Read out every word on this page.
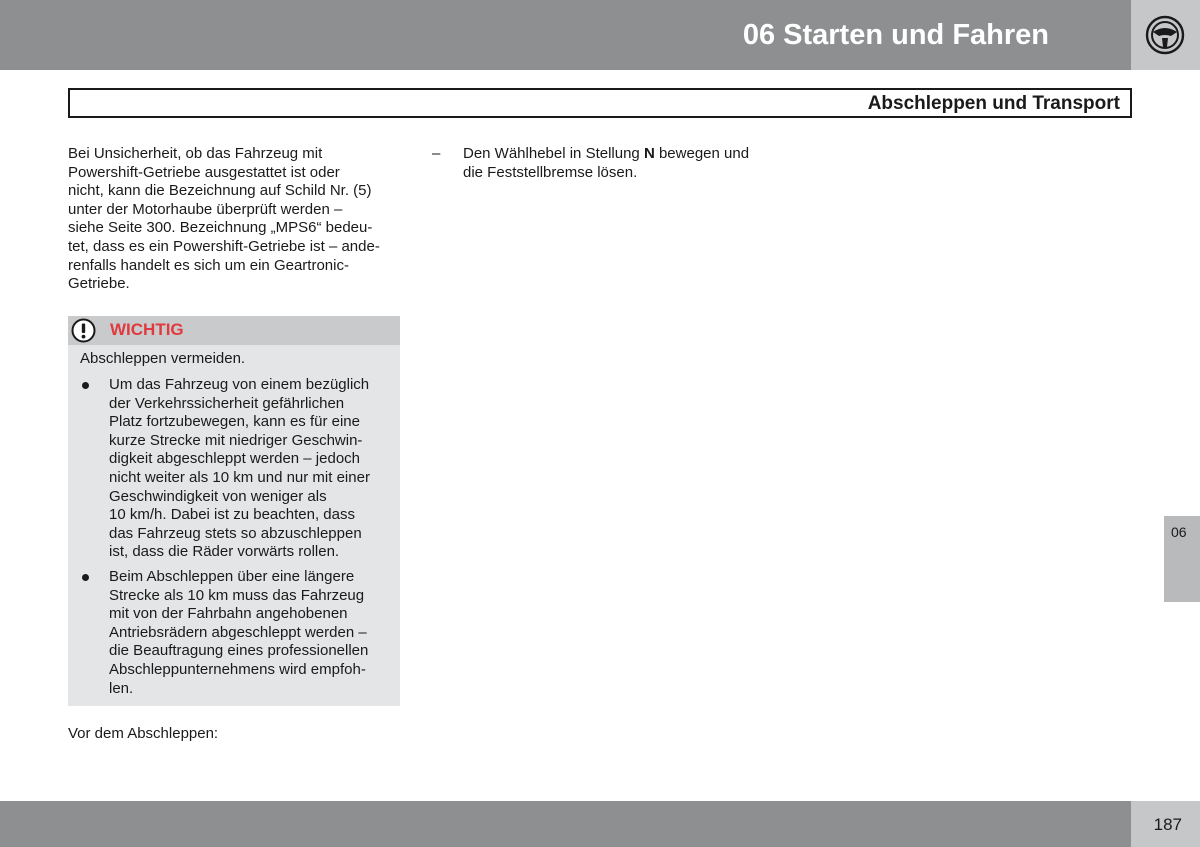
06 Starten und Fahren
Abschleppen und Transport

Bei Unsicherheit, ob das Fahrzeug mit
Powershift-Getriebe ausgestattet ist oder
nicht, kann die Bezeichnung auf Schild Nr. (5)
unter der Motorhaube überprüft werden –
siehe Seite 300. Bezeichnung „MPS6“ bedeu-
tet, dass es ein Powershift-Getriebe ist – ande-
renfalls handelt es sich um ein Geartronic-
Getriebe.

WICHTIG

Abschleppen vermeiden.

Um das Fahrzeug von einem bezüglich
der Verkehrssicherheit gefährlichen
Platz fortzubewegen, kann es für eine
kurze Strecke mit niedriger Geschwin-
digkeit abgeschleppt werden – jedoch
nicht weiter als 10 km und nur mit einer
Geschwindigkeit von weniger als
10 km/h. Dabei ist zu beachten, dass
das Fahrzeug stets so abzuschleppen
ist, dass die Räder vorwärts rollen.
Beim Abschleppen über eine längere
Strecke als 10 km muss das Fahrzeug
mit von der Fahrbahn angehobenen
Antriebsrädern abgeschleppt werden –
die Beauftragung eines professionellen
Abschleppunternehmens wird empfoh-
len.

Vor dem Abschleppen:

– Den Wählhebel in Stellung N bewegen und
die Feststellbremse lösen.

06

187
